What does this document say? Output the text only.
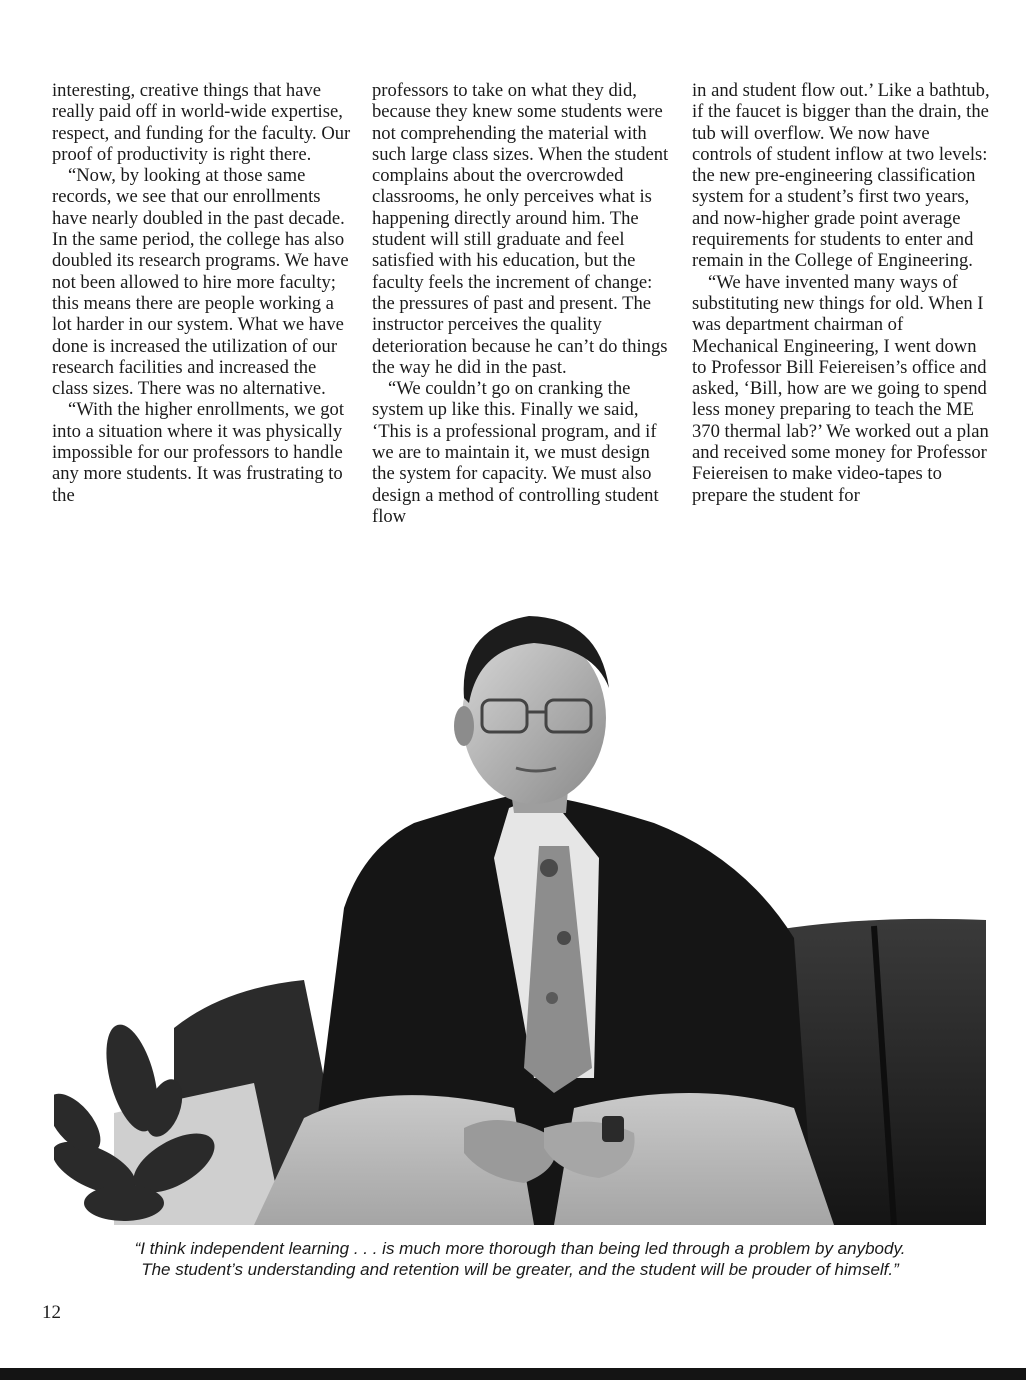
interesting, creative things that have really paid off in world-wide expertise, respect, and funding for the faculty. Our proof of productivity is right there.

“Now, by looking at those same records, we see that our enrollments have nearly doubled in the past decade. In the same period, the college has also doubled its research programs. We have not been allowed to hire more faculty; this means there are people working a lot harder in our system. What we have done is increased the utilization of our research facilities and increased the class sizes. There was no alternative.

“With the higher enrollments, we got into a situation where it was physically impossible for our professors to handle any more students. It was frustrating to the

professors to take on what they did, because they knew some students were not comprehending the material with such large class sizes. When the student complains about the overcrowded classrooms, he only perceives what is happening directly around him. The student will still graduate and feel satisfied with his education, but the faculty feels the increment of change: the pressures of past and present. The instructor perceives the quality deterioration because he can’t do things the way he did in the past.

“We couldn’t go on cranking the system up like this. Finally we said, ‘This is a professional program, and if we are to maintain it, we must design the system for capacity. We must also design a method of controlling student flow

in and student flow out.’ Like a bathtub, if the faucet is bigger than the drain, the tub will overflow. We now have controls of student inflow at two levels: the new pre-engineering classification system for a student’s first two years, and now-higher grade point average requirements for students to enter and remain in the College of Engineering.

“We have invented many ways of substituting new things for old. When I was department chairman of Mechanical Engineering, I went down to Professor Bill Feiereisen’s office and asked, ‘Bill, how are we going to spend less money preparing to teach the ME 370 thermal lab?’ We worked out a plan and received some money for Professor Feiereisen to make video-tapes to prepare the student for

“I think independent learning . . . is much more thorough than being led through a problem by anybody.
The student’s understanding and retention will be greater, and the student will be prouder of himself.”
12
